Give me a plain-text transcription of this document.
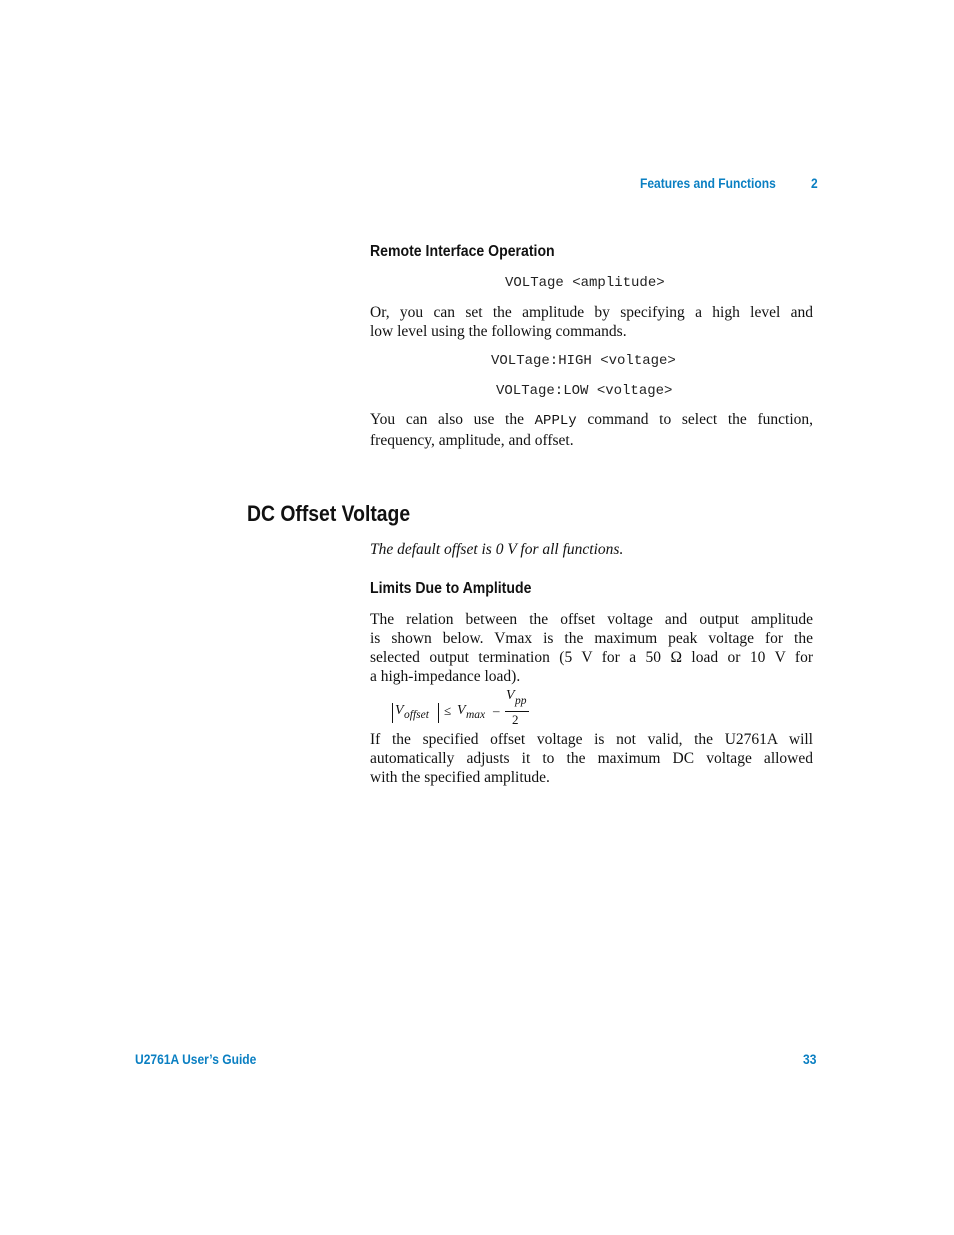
Features and Functions	2
Remote Interface Operation
VOLTage <amplitude>
Or, you can set the amplitude by specifying a high level and
low level using the following commands.
VOLTage:HIGH <voltage>
VOLTage:LOW <voltage>
You can also use the APPLy command to select the function,
frequency, amplitude, and offset.
DC Offset Voltage
The default offset is 0 V for all functions.
Limits Due to Amplitude
The relation between the offset voltage and output amplitude
is shown below. Vmax is the maximum peak voltage for the
selected output termination (5 V for a 50 Ω load or 10 V for
a high-impedance load).
V offset ≤ V max –
V pp
2
If the specified offset voltage is not valid, the U2761A will
automatically adjusts it to the maximum DC voltage allowed
with the specified amplitude.
U2761A User’s Guide	33
